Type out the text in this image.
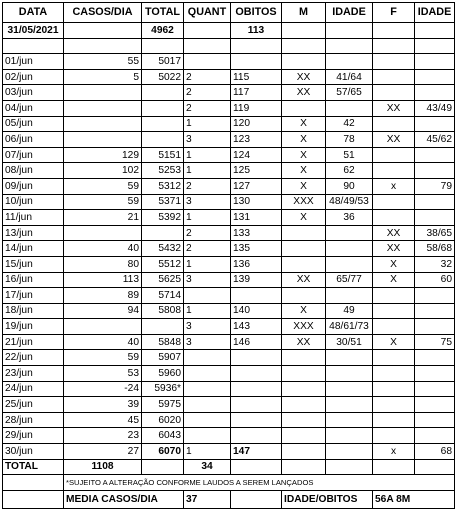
DATA	CASOS/DIA	TOTAL	QUANT	OBITOS	M	IDADE	F	IDADE
31/05/2021		4962		113				

01/jun	55	5017						
02/jun	5	5022	2	115	XX	41/64		
03/jun			2	117	XX	57/65		
04/jun			2	119			XX	43/49
05/jun			1	120	X	42		
06/jun			3	123	X	78	XX	45/62
07/jun	129	5151	1	124	X	51		
08/jun	102	5253	1	125	X	62		
09/jun	59	5312	2	127	X	90	x	79
10/jun	59	5371	3	130	XXX	48/49/53		
11/jun	21	5392	1	131	X	36		
13/jun			2	133			XX	38/65
14/jun	40	5432	2	135			XX	58/68
15/jun	80	5512	1	136			X	32
16/jun	113	5625	3	139	XX	65/77	X	60
17/jun	89	5714						
18/jun	94	5808	1	140	X	49		
19/jun			3	143	XXX	48/61/73		
21/jun	40	5848	3	146	XX	30/51	X	75
22/jun	59	5907						
23/jun	53	5960						
24/jun	-24	5936*						
25/jun	39	5975						
28/jun	45	6020						
29/jun	23	6043						
30/jun	27	6070	1	147			x	68
TOTAL	1108		34					
	*SUJEITO A ALTERAÇÃO CONFORME LAUDOS A SEREM LANÇADOS							
	MEDIA CASOS/DIA		37		IDADE/OBITOS		56A 8M	
